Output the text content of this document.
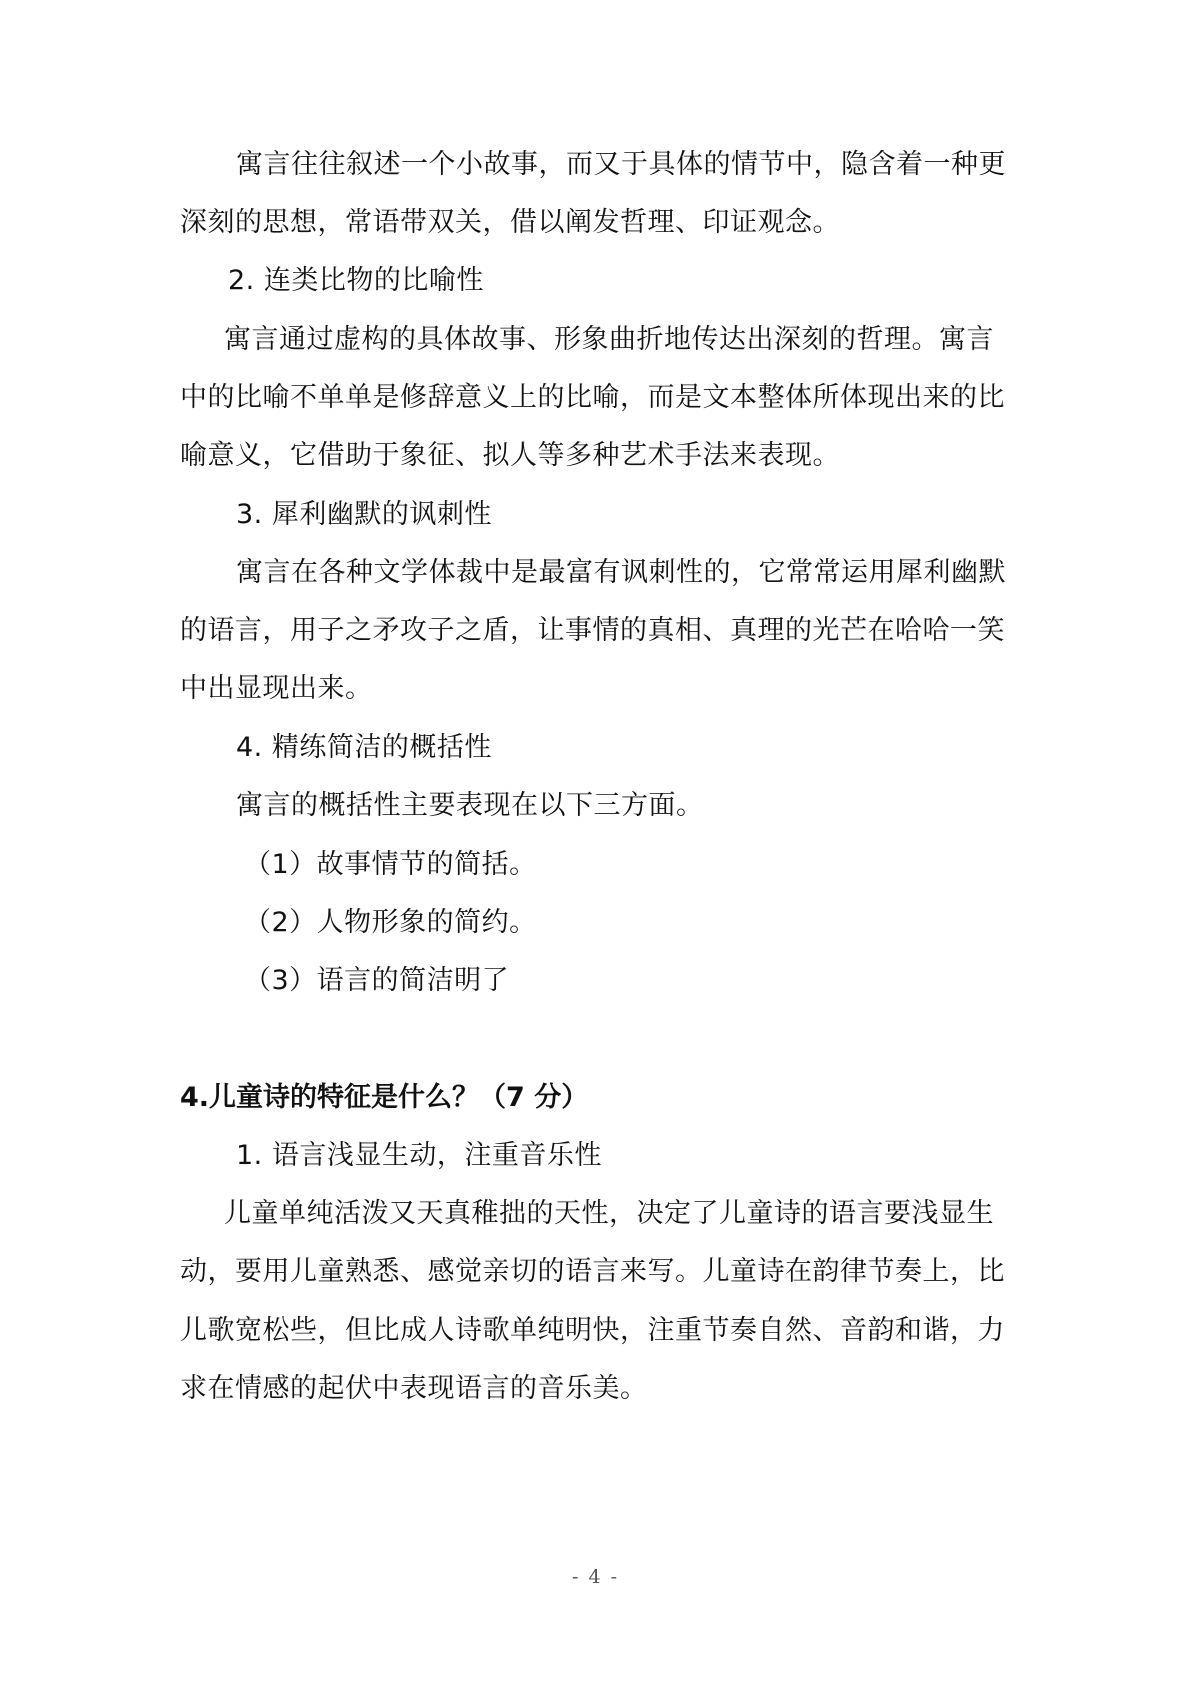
寓言往往叙述一个小故事，而又于具体的情节中，隐含着一种更
深刻的思想，常语带双关，借以阐发哲理、印证观念。
2. 连类比物的比喻性
寓言通过虚构的具体故事、形象曲折地传达出深刻的哲理。寓言
中的比喻不单单是修辞意义上的比喻，而是文本整体所体现出来的比
喻意义，它借助于象征、拟人等多种艺术手法来表现。
3. 犀利幽默的讽刺性
寓言在各种文学体裁中是最富有讽刺性的，它常常运用犀利幽默
的语言，用子之矛攻子之盾，让事情的真相、真理的光芒在哈哈一笑
中出显现出来。
4. 精练简洁的概括性
寓言的概括性主要表现在以下三方面。
（1）故事情节的简括。
（2）人物形象的简约。
（3）语言的简洁明了
4.儿童诗的特征是什么？（7 分）
1. 语言浅显生动，注重音乐性
儿童单纯活泼又天真稚拙的天性，决定了儿童诗的语言要浅显生
动，要用儿童熟悉、感觉亲切的语言来写。儿童诗在韵律节奏上，比
儿歌宽松些，但比成人诗歌单纯明快，注重节奏自然、音韵和谐，力
求在情感的起伏中表现语言的音乐美。
- 4 -
